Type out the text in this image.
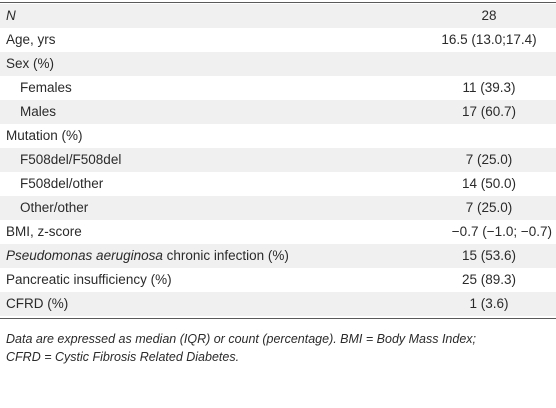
N	28
Age, yrs	16.5 (13.0;17.4)
Sex (%)
Females	11 (39.3)
Males	17 (60.7)
Mutation (%)
F508del/F508del	7 (25.0)
F508del/other	14 (50.0)
Other/other	7 (25.0)
BMI, z-score	−0.7 (−1.0; −0.7)
Pseudomonas aeruginosa chronic infection (%)	15 (53.6)
Pancreatic insufficiency (%)	25 (89.3)
CFRD (%)	1 (3.6)
Data are expressed as median (IQR) or count (percentage). BMI = Body Mass Index;
CFRD = Cystic Fibrosis Related Diabetes.
